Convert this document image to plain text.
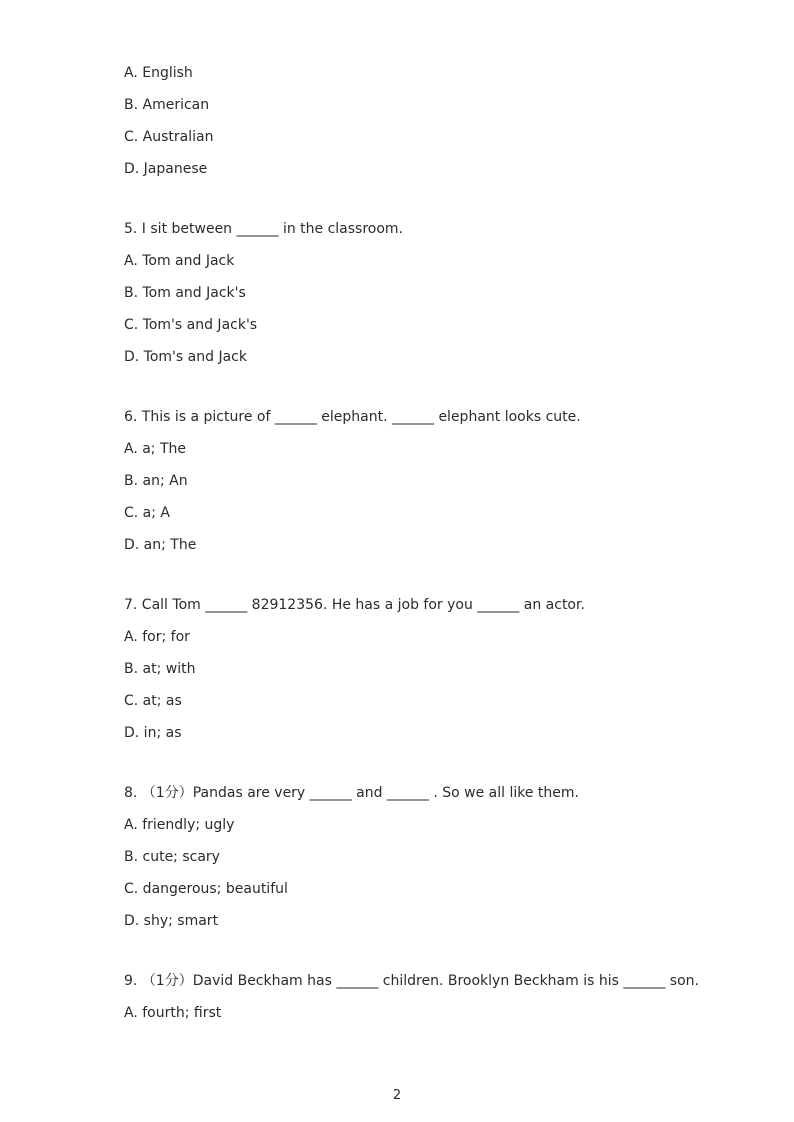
A. English
B. American
C. Australian
D. Japanese
5. I sit between ______ in the classroom.
A. Tom and Jack
B. Tom and Jack's
C. Tom's and Jack's
D. Tom's and Jack
6. This is a picture of ______ elephant. ______ elephant looks cute.
A. a; The
B. an; An
C. a; A
D. an; The
7. Call Tom ______ 82912356. He has a job for you ______ an actor.
A. for; for
B. at; with
C. at; as
D. in; as
8. （1分）Pandas are very ______ and ______ . So we all like them.
A. friendly; ugly
B. cute; scary
C. dangerous; beautiful
D. shy; smart
9. （1分）David Beckham has ______ children. Brooklyn Beckham is his ______ son.
A. fourth; first
2
